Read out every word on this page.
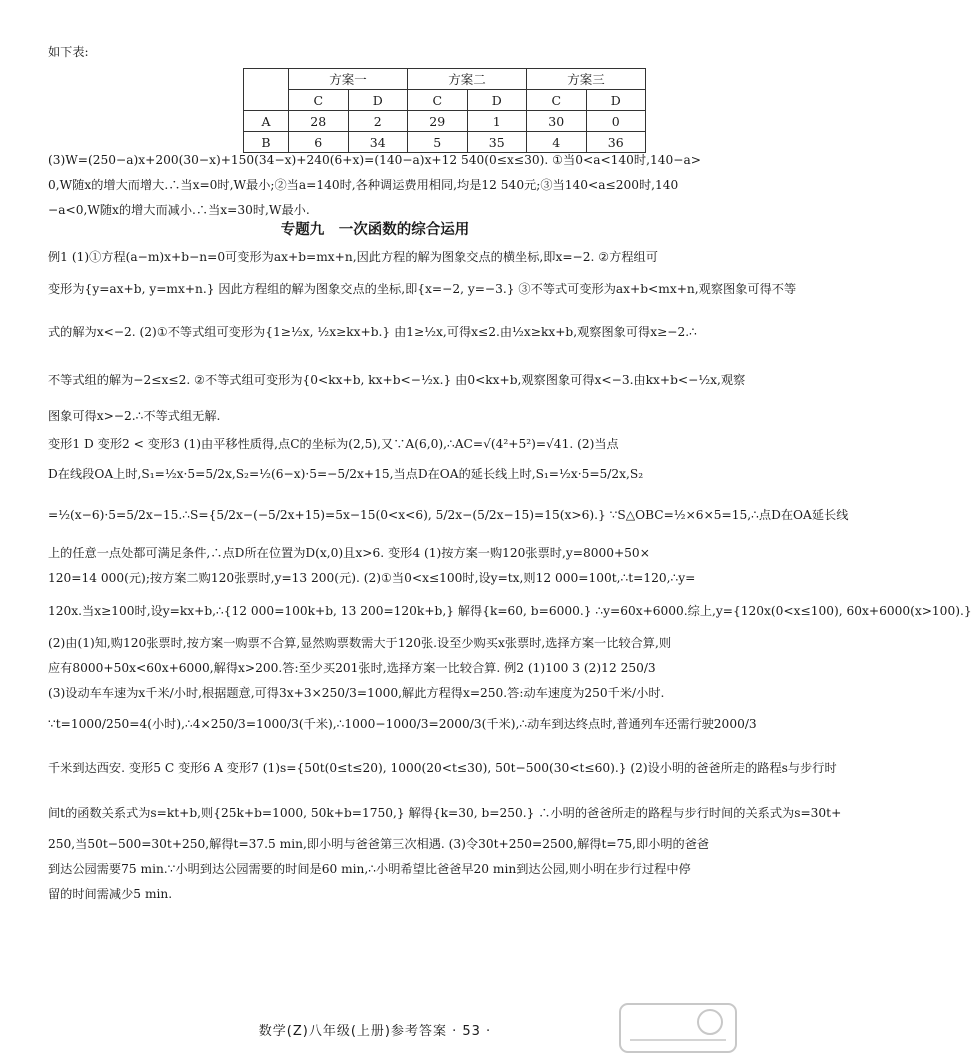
如下表:
	方案一		方案二		方案三	
	C	D	C	D	C	D
A	28	2	29	1	30	0
B	6	34	5	35	4	36
(3)W=(250−a)x+200(30−x)+150(34−x)+240(6+x)=(140−a)x+12 540(0≤x≤30). ①当0<a<140时,140−a>
0,W随x的增大而增大.∴当x=0时,W最小;②当a=140时,各种调运费用相同,均是12 540元;③当140<a≤200时,140
−a<0,W随x的增大而减小.∴当x=30时,W最小.
专题九　一次函数的综合运用
例1 (1)①方程(a−m)x+b−n=0可变形为ax+b=mx+n,因此方程的解为图象交点的横坐标,即x=−2. ②方程组可
变形为{y=ax+b, y=mx+n.} 因此方程组的解为图象交点的坐标,即{x=−2, y=−3.} ③不等式可变形为ax+b<mx+n,观察图象可得不等
式的解为x<−2. (2)①不等式组可变形为{1≥½x, ½x≥kx+b.} 由1≥½x,可得x≤2.由½x≥kx+b,观察图象可得x≥−2.∴
不等式组的解为−2≤x≤2. ②不等式组可变形为{0<kx+b, kx+b<−½x.} 由0<kx+b,观察图象可得x<−3.由kx+b<−½x,观察
图象可得x>−2.∴不等式组无解.
变形1 D 变形2 < 变形3 (1)由平移性质得,点C的坐标为(2,5),又∵A(6,0),∴AC=√(4²+5²)=√41. (2)当点
D在线段OA上时,S₁=½x·5=5/2x,S₂=½(6−x)·5=−5/2x+15,当点D在OA的延长线上时,S₁=½x·5=5/2x,S₂
=½(x−6)·5=5/2x−15.∴S={5/2x−(−5/2x+15)=5x−15(0<x<6), 5/2x−(5/2x−15)=15(x>6).} ∵S△OBC=½×6×5=15,∴点D在OA延长线
上的任意一点处都可满足条件,∴点D所在位置为D(x,0)且x>6. 变形4 (1)按方案一购120张票时,y=8000+50×
120=14 000(元);按方案二购120张票时,y=13 200(元). (2)①当0<x≤100时,设y=tx,则12 000=100t,∴t=120,∴y=
120x.当x≥100时,设y=kx+b,∴{12 000=100k+b, 13 200=120k+b,} 解得{k=60, b=6000.} ∴y=60x+6000.综上,y={120x(0<x≤100), 60x+6000(x>100).}
(2)由(1)知,购120张票时,按方案一购票不合算,显然购票数需大于120张.设至少购买x张票时,选择方案一比较合算,则
应有8000+50x<60x+6000,解得x>200.答:至少买201张时,选择方案一比较合算. 例2 (1)100 3 (2)12 250/3
(3)设动车车速为x千米/小时,根据题意,可得3x+3×250/3=1000,解此方程得x=250.答:动车速度为250千米/小时.
∵t=1000/250=4(小时),∴4×250/3=1000/3(千米),∴1000−1000/3=2000/3(千米),∴动车到达终点时,普通列车还需行驶2000/3
千米到达西安. 变形5 C 变形6 A 变形7 (1)s={50t(0≤t≤20), 1000(20<t≤30), 50t−500(30<t≤60).} (2)设小明的爸爸所走的路程s与步行时
间t的函数关系式为s=kt+b,则{25k+b=1000, 50k+b=1750,} 解得{k=30, b=250.} ∴小明的爸爸所走的路程与步行时间的关系式为s=30t+
250,当50t−500=30t+250,解得t=37.5 min,即小明与爸爸第三次相遇. (3)令30t+250=2500,解得t=75,即小明的爸爸
到达公园需要75 min.∵小明到达公园需要的时间是60 min,∴小明希望比爸爸早20 min到达公园,则小明在步行过程中停
留的时间需减少5 min.
数学(Z)八年级(上册)参考答案 · 53 ·
